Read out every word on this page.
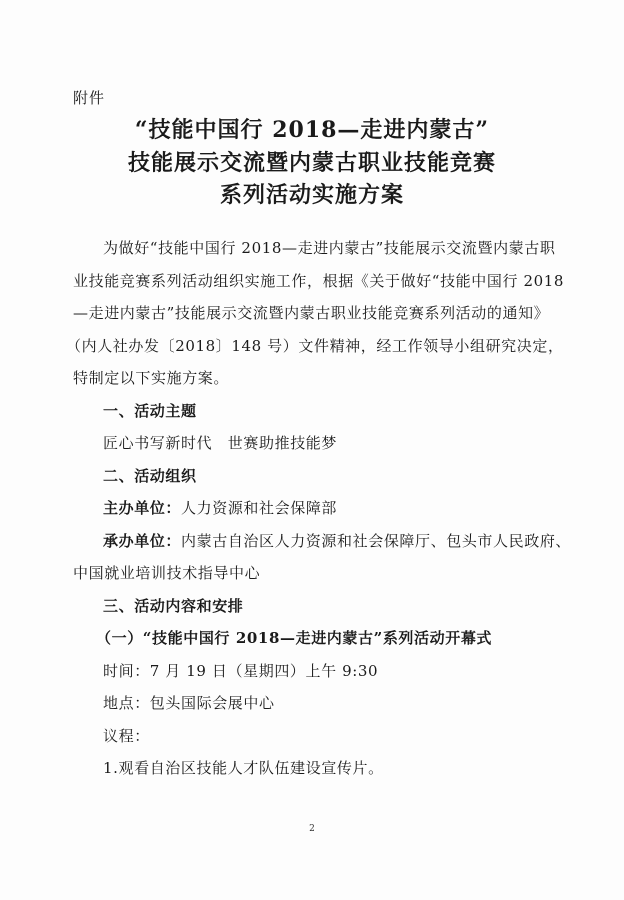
附件
“技能中国行 2018—走进内蒙古”
技能展示交流暨内蒙古职业技能竞赛
系列活动实施方案
为做好“技能中国行 2018—走进内蒙古”技能展示交流暨内蒙古职
业技能竞赛系列活动组织实施工作，根据《关于做好“技能中国行 2018
—走进内蒙古”技能展示交流暨内蒙古职业技能竞赛系列活动的通知》
（内人社办发〔2018〕148 号）文件精神，经工作领导小组研究决定，
特制定以下实施方案。
一、活动主题
匠心书写新时代　世赛助推技能梦
二、活动组织
主办单位：人力资源和社会保障部
承办单位：内蒙古自治区人力资源和社会保障厅、包头市人民政府、
中国就业培训技术指导中心
三、活动内容和安排
（一）“技能中国行 2018—走进内蒙古”系列活动开幕式
时间：7 月 19 日（星期四）上午 9:30
地点：包头国际会展中心
议程：
1.观看自治区技能人才队伍建设宣传片。
2
